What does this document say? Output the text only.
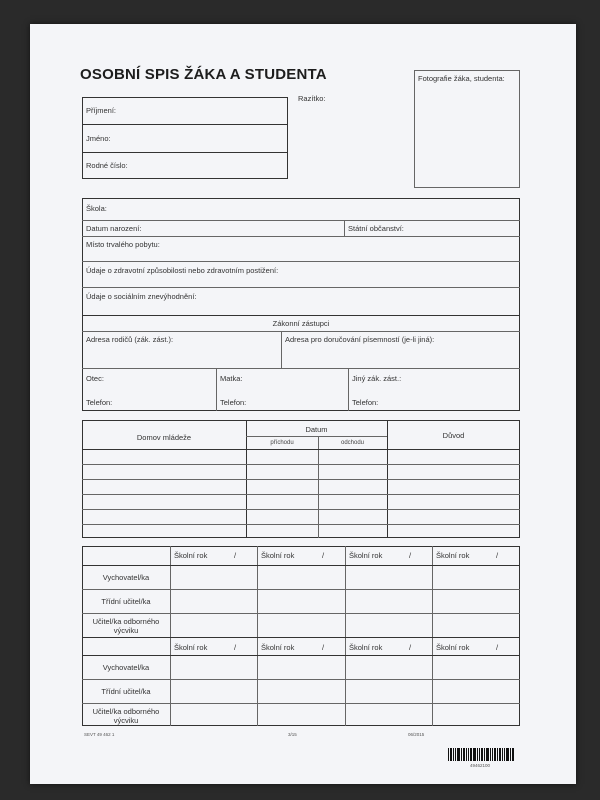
OSOBNÍ SPIS ŽÁKA A STUDENTA
Příjmení:
Jméno:
Rodné číslo:
Razítko:
Fotografie žáka, studenta:
Škola:
Datum narození:	Státní občanství:
Místo trvalého pobytu:
Údaje o zdravotní způsobilosti nebo zdravotním postižení:
Údaje o sociálním znevýhodnění:
Zákonní zástupci
Adresa rodičů (zák. zást.):	Adresa pro doručování písemností (je-li jiná):
Otec:	Matka:	Jiný zák. zást.:
Telefon:	Telefon:	Telefon:
Domov mládeže
Datum
příchodu	odchodu
Důvod
Školní rok	/	Školní rok	/	Školní rok	/	Školní rok	/
Vychovatel/ka
Třídní učitel/ka
Učitel/ka odborného
výcviku
Školní rok	/	Školní rok	/	Školní rok	/	Školní rok	/
Vychovatel/ka
Třídní učitel/ka
Učitel/ka odborného
výcviku
SEVT 49 462 1	3/15	06/2015
49462100
